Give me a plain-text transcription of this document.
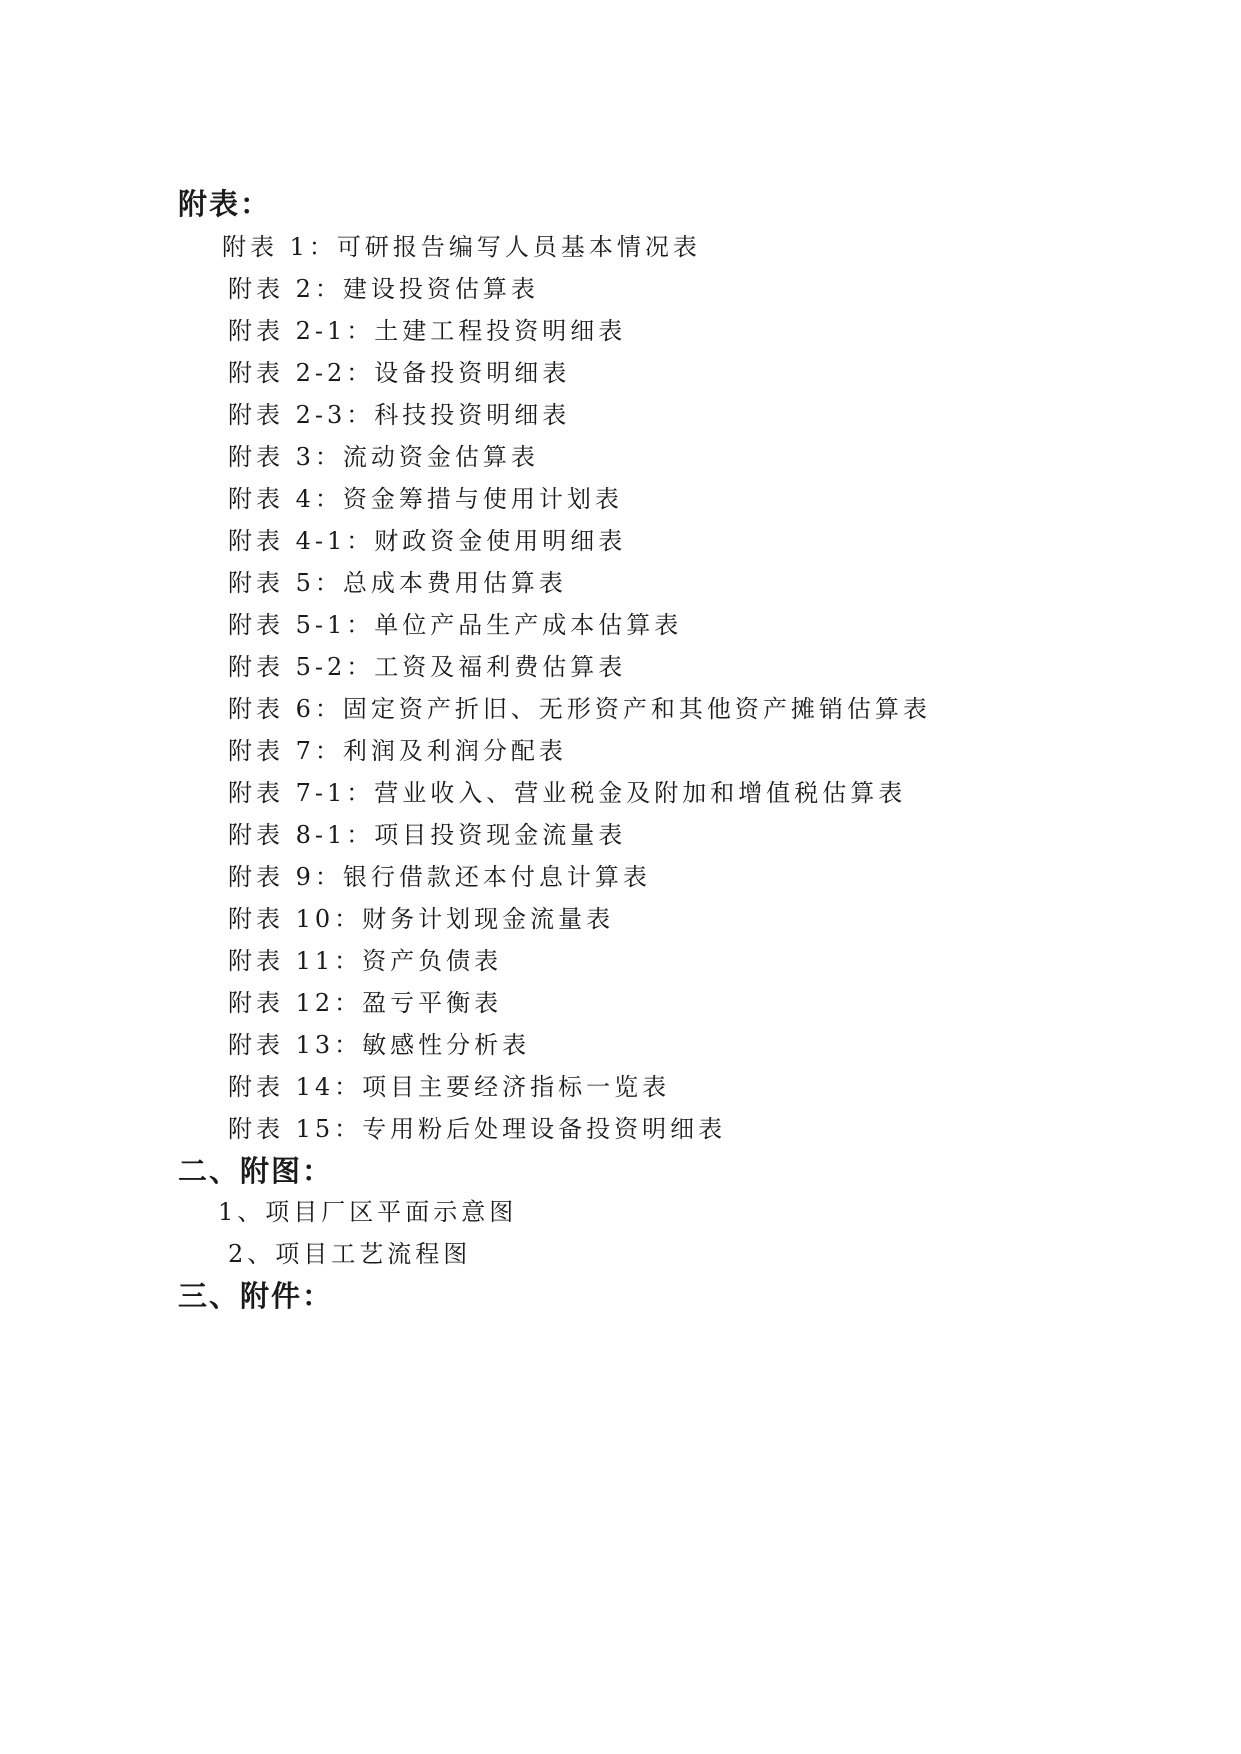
附表：
附表 1：可研报告编写人员基本情况表
附表 2：建设投资估算表
附表 2-1：土建工程投资明细表
附表 2-2：设备投资明细表
附表 2-3：科技投资明细表
附表 3：流动资金估算表
附表 4：资金筹措与使用计划表
附表 4-1：财政资金使用明细表
附表 5：总成本费用估算表
附表 5-1：单位产品生产成本估算表
附表 5-2：工资及福利费估算表
附表 6：固定资产折旧、无形资产和其他资产摊销估算表
附表 7：利润及利润分配表
附表 7-1：营业收入、营业税金及附加和增值税估算表
附表 8-1：项目投资现金流量表
附表 9：银行借款还本付息计算表
附表 10：财务计划现金流量表
附表 11：资产负债表
附表 12：盈亏平衡表
附表 13：敏感性分析表
附表 14：项目主要经济指标一览表
附表 15：专用粉后处理设备投资明细表
二、附图：
1、项目厂区平面示意图
2、项目工艺流程图
三、附件：
